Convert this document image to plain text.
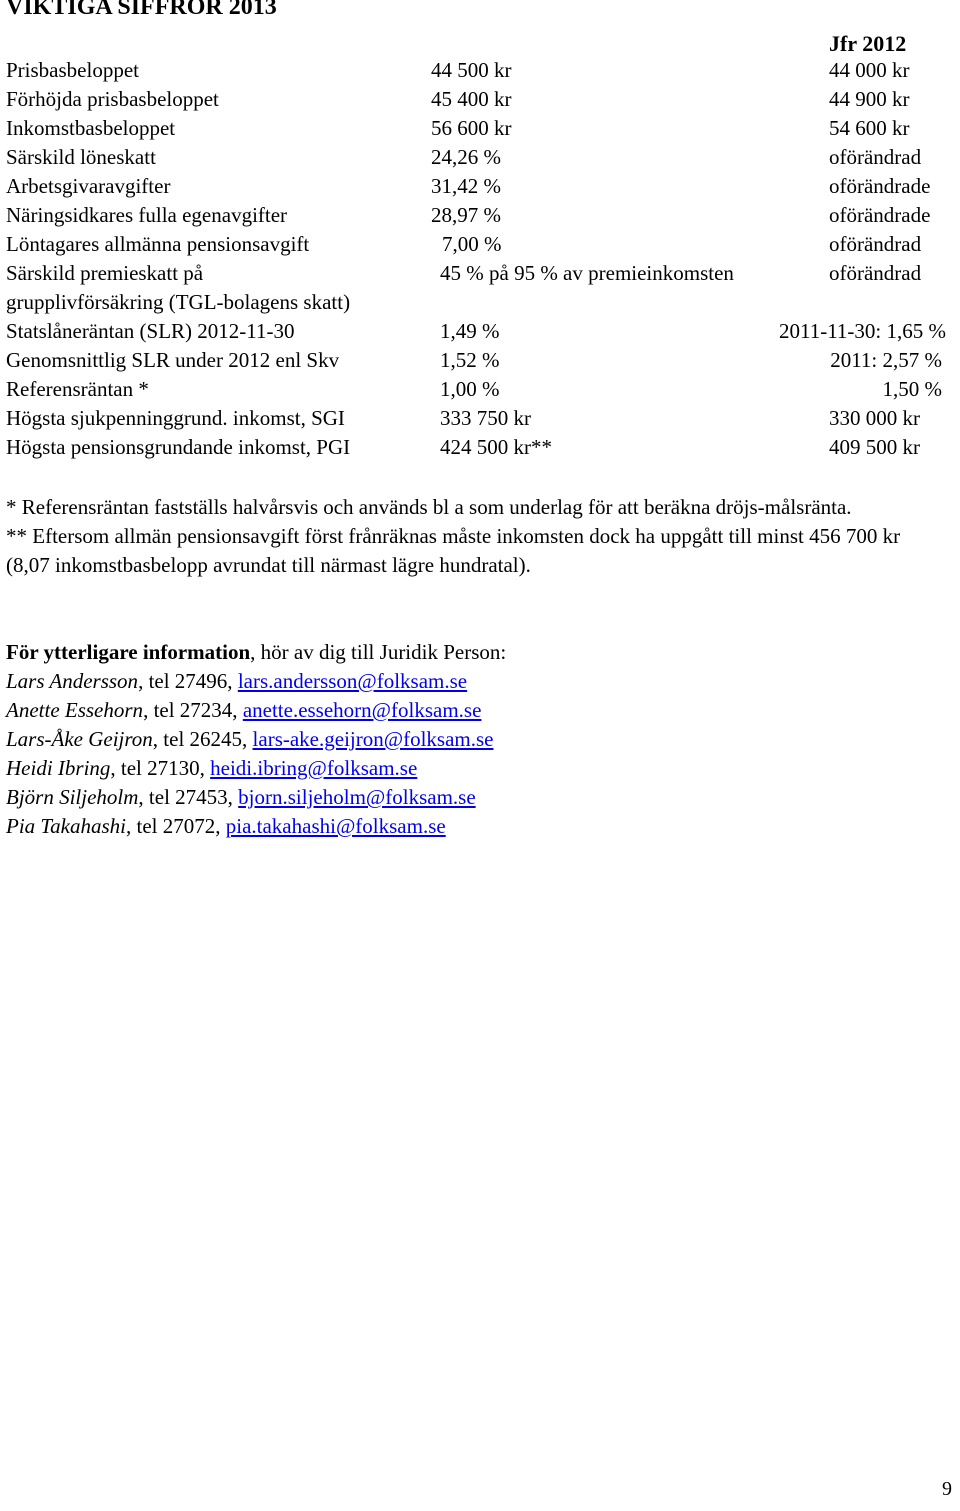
VIKTIGA SIFFROR 2013
Jfr 2012
Prisbasbeloppet	44 500 kr	44 000 kr
Förhöjda prisbasbeloppet	45 400 kr	44 900 kr
Inkomstbasbeloppet	56 600 kr	54 600 kr
Särskild löneskatt	24,26 %	oförändrad
Arbetsgivaravgifter	31,42 %	oförändrade
Näringsidkares fulla egenavgifter	28,97 %	oförändrade
Löntagares allmänna pensionsavgift	7,00 %	oförändrad
Särskild premieskatt på	45 % på 95 % av premieinkomsten	oförändrad
grupplivförsäkring (TGL-bolagens skatt)
Statslåneräntan (SLR) 2012-11-30	1,49 %	2011-11-30: 1,65 %
Genomsnittlig SLR under 2012 enl Skv	1,52 %	2011: 2,57 %
Referensräntan *	1,00 %	1,50 %
Högsta sjukpenninggrund. inkomst, SGI	333 750 kr	330 000 kr
Högsta pensionsgrundande inkomst, PGI	424 500 kr**	409 500 kr

* Referensräntan fastställs halvårsvis och används bl a som underlag för att beräkna dröjs-målsränta.

** Eftersom allmän pensionsavgift först frånräknas måste inkomsten dock ha uppgått till minst 456 700 kr (8,07 inkomstbasbelopp avrundat till närmast lägre hundratal).

För ytterligare information, hör av dig till Juridik Person:
Lars Andersson, tel 27496, lars.andersson@folksam.se
Anette Essehorn, tel 27234, anette.essehorn@folksam.se
Lars-Åke Geijron, tel 26245, lars-ake.geijron@folksam.se
Heidi Ibring, tel 27130, heidi.ibring@folksam.se
Björn Siljeholm, tel 27453, bjorn.siljeholm@folksam.se
Pia Takahashi, tel 27072, pia.takahashi@folksam.se
9
